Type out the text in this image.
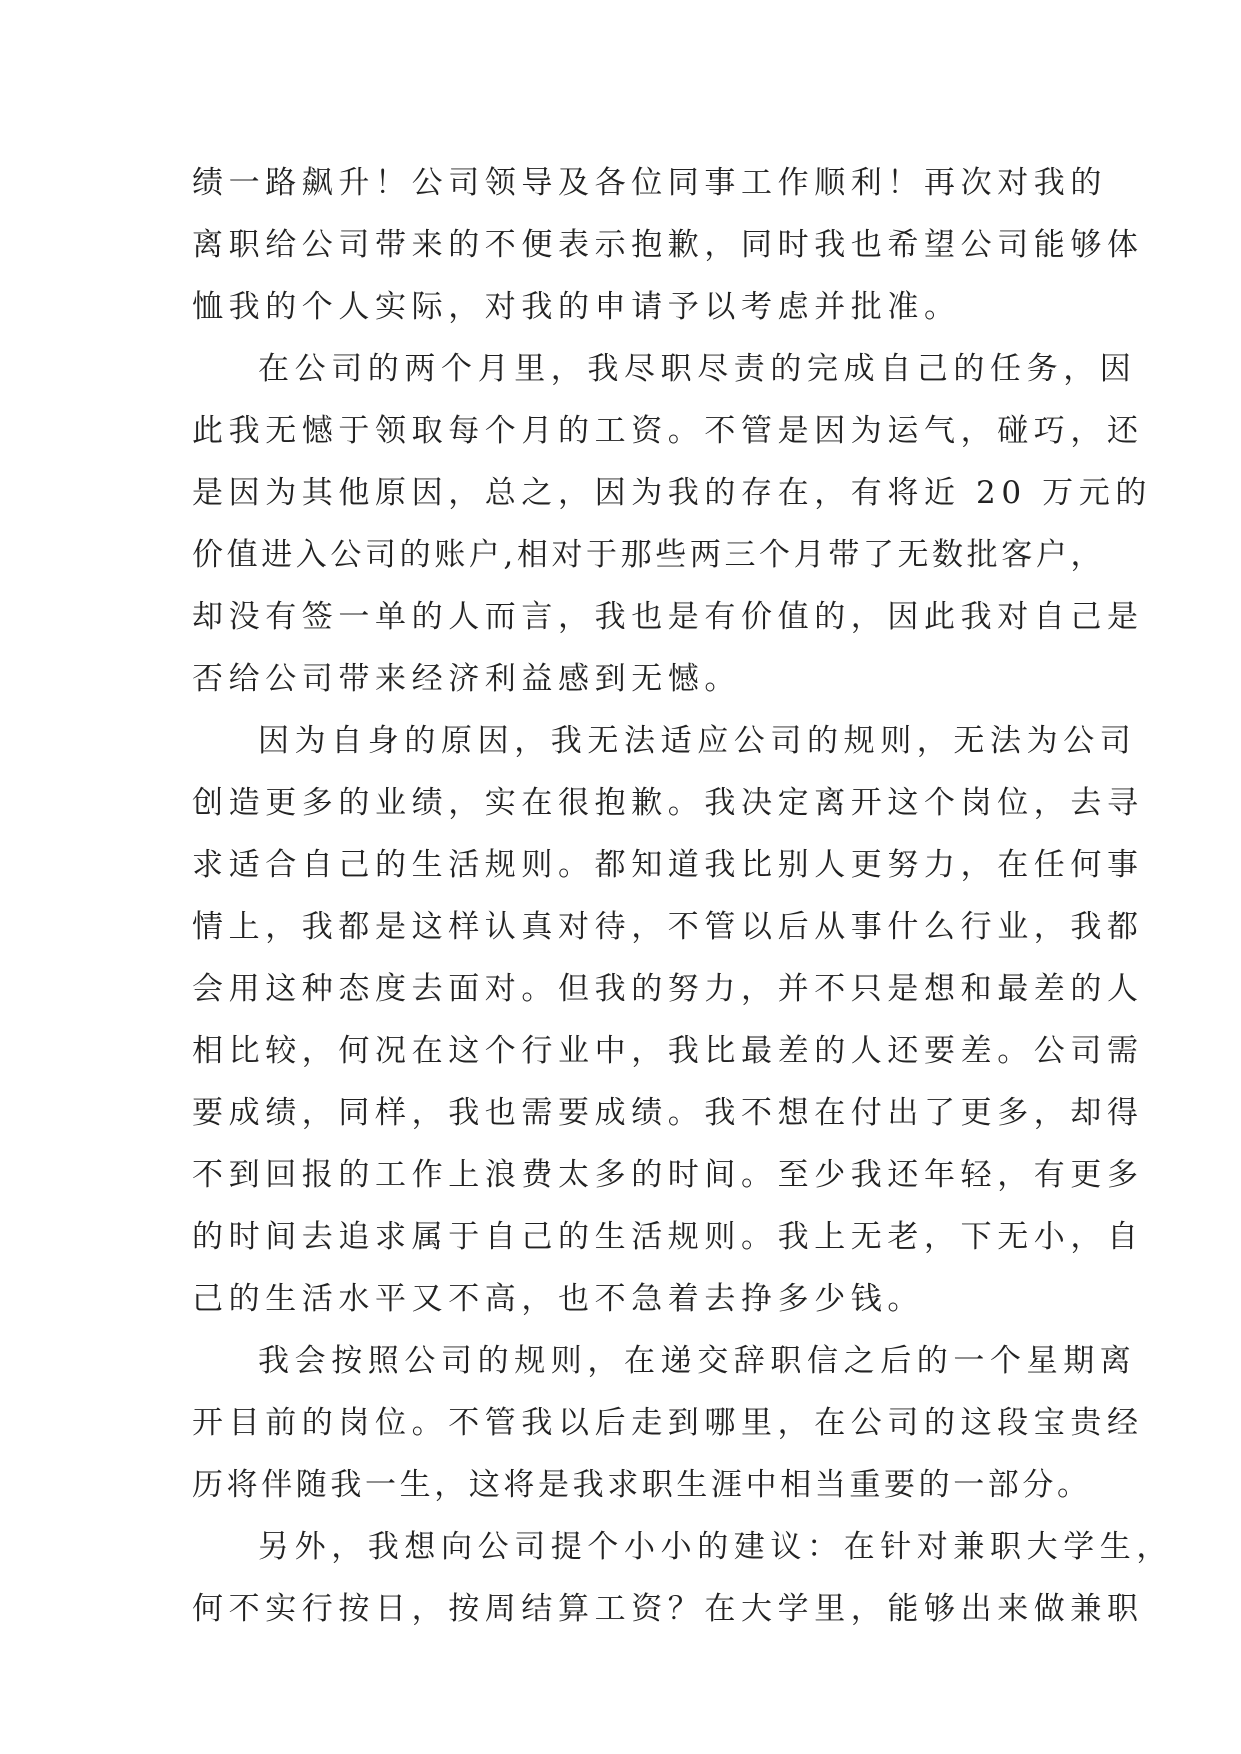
绩一路飙升！公司领导及各位同事工作顺利！再次对我的
离职给公司带来的不便表示抱歉，同时我也希望公司能够体
恤我的个人实际，对我的申请予以考虑并批准。
在公司的两个月里，我尽职尽责的完成自己的任务，因
此我无憾于领取每个月的工资。不管是因为运气，碰巧，还
是因为其他原因，总之，因为我的存在，有将近 20 万元的
价值进入公司的账户,相对于那些两三个月带了无数批客户，
却没有签一单的人而言，我也是有价值的，因此我对自己是
否给公司带来经济利益感到无憾。
因为自身的原因，我无法适应公司的规则，无法为公司
创造更多的业绩，实在很抱歉。我决定离开这个岗位，去寻
求适合自己的生活规则。都知道我比别人更努力，在任何事
情上，我都是这样认真对待，不管以后从事什么行业，我都
会用这种态度去面对。但我的努力，并不只是想和最差的人
相比较，何况在这个行业中，我比最差的人还要差。公司需
要成绩，同样，我也需要成绩。我不想在付出了更多，却得
不到回报的工作上浪费太多的时间。至少我还年轻，有更多
的时间去追求属于自己的生活规则。我上无老，下无小，自
己的生活水平又不高，也不急着去挣多少钱。
我会按照公司的规则，在递交辞职信之后的一个星期离
开目前的岗位。不管我以后走到哪里，在公司的这段宝贵经
历将伴随我一生，这将是我求职生涯中相当重要的一部分。
另外，我想向公司提个小小的建议：在针对兼职大学生，
何不实行按日，按周结算工资？在大学里，能够出来做兼职
